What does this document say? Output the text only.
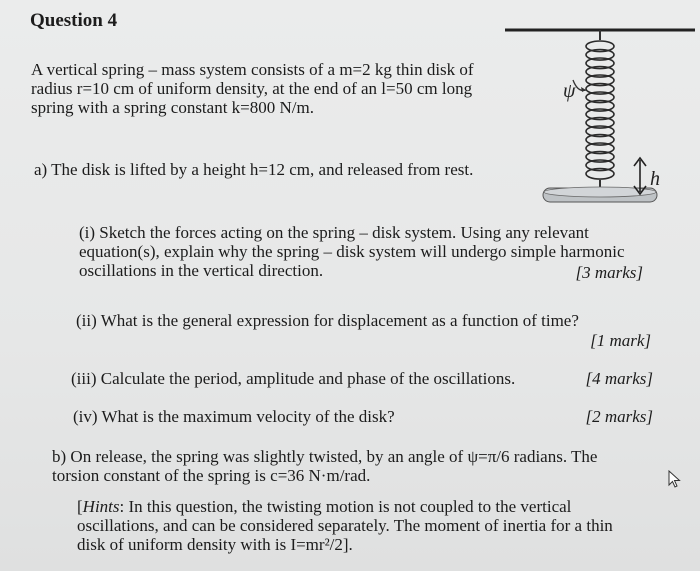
Question 4
A vertical spring – mass system consists of a m=2 kg thin disk of radius r=10 cm of uniform density, at the end of an l=50 cm long spring with a spring constant k=800 N/m.
a) The disk is lifted by a height h=12 cm, and released from rest.
(i) Sketch the forces acting on the spring – disk system. Using any relevant equation(s), explain why the spring – disk system will undergo simple harmonic oscillations in the vertical direction.	[3 marks]
(ii) What is the general expression for displacement as a function of time?
[1 mark]
(iii) Calculate the period, amplitude and phase of the oscillations.	[4 marks]
(iv) What is the maximum velocity of the disk?	[2 marks]
b) On release, the spring was slightly twisted, by an angle of ψ=π/6 radians. The torsion constant of the spring is c=36 N·m/rad.
[Hints: In this question, the twisting motion is not coupled to the vertical oscillations, and can be considered separately. The moment of inertia for a thin disk of uniform density with is I=mr²/2].
ψ
h
